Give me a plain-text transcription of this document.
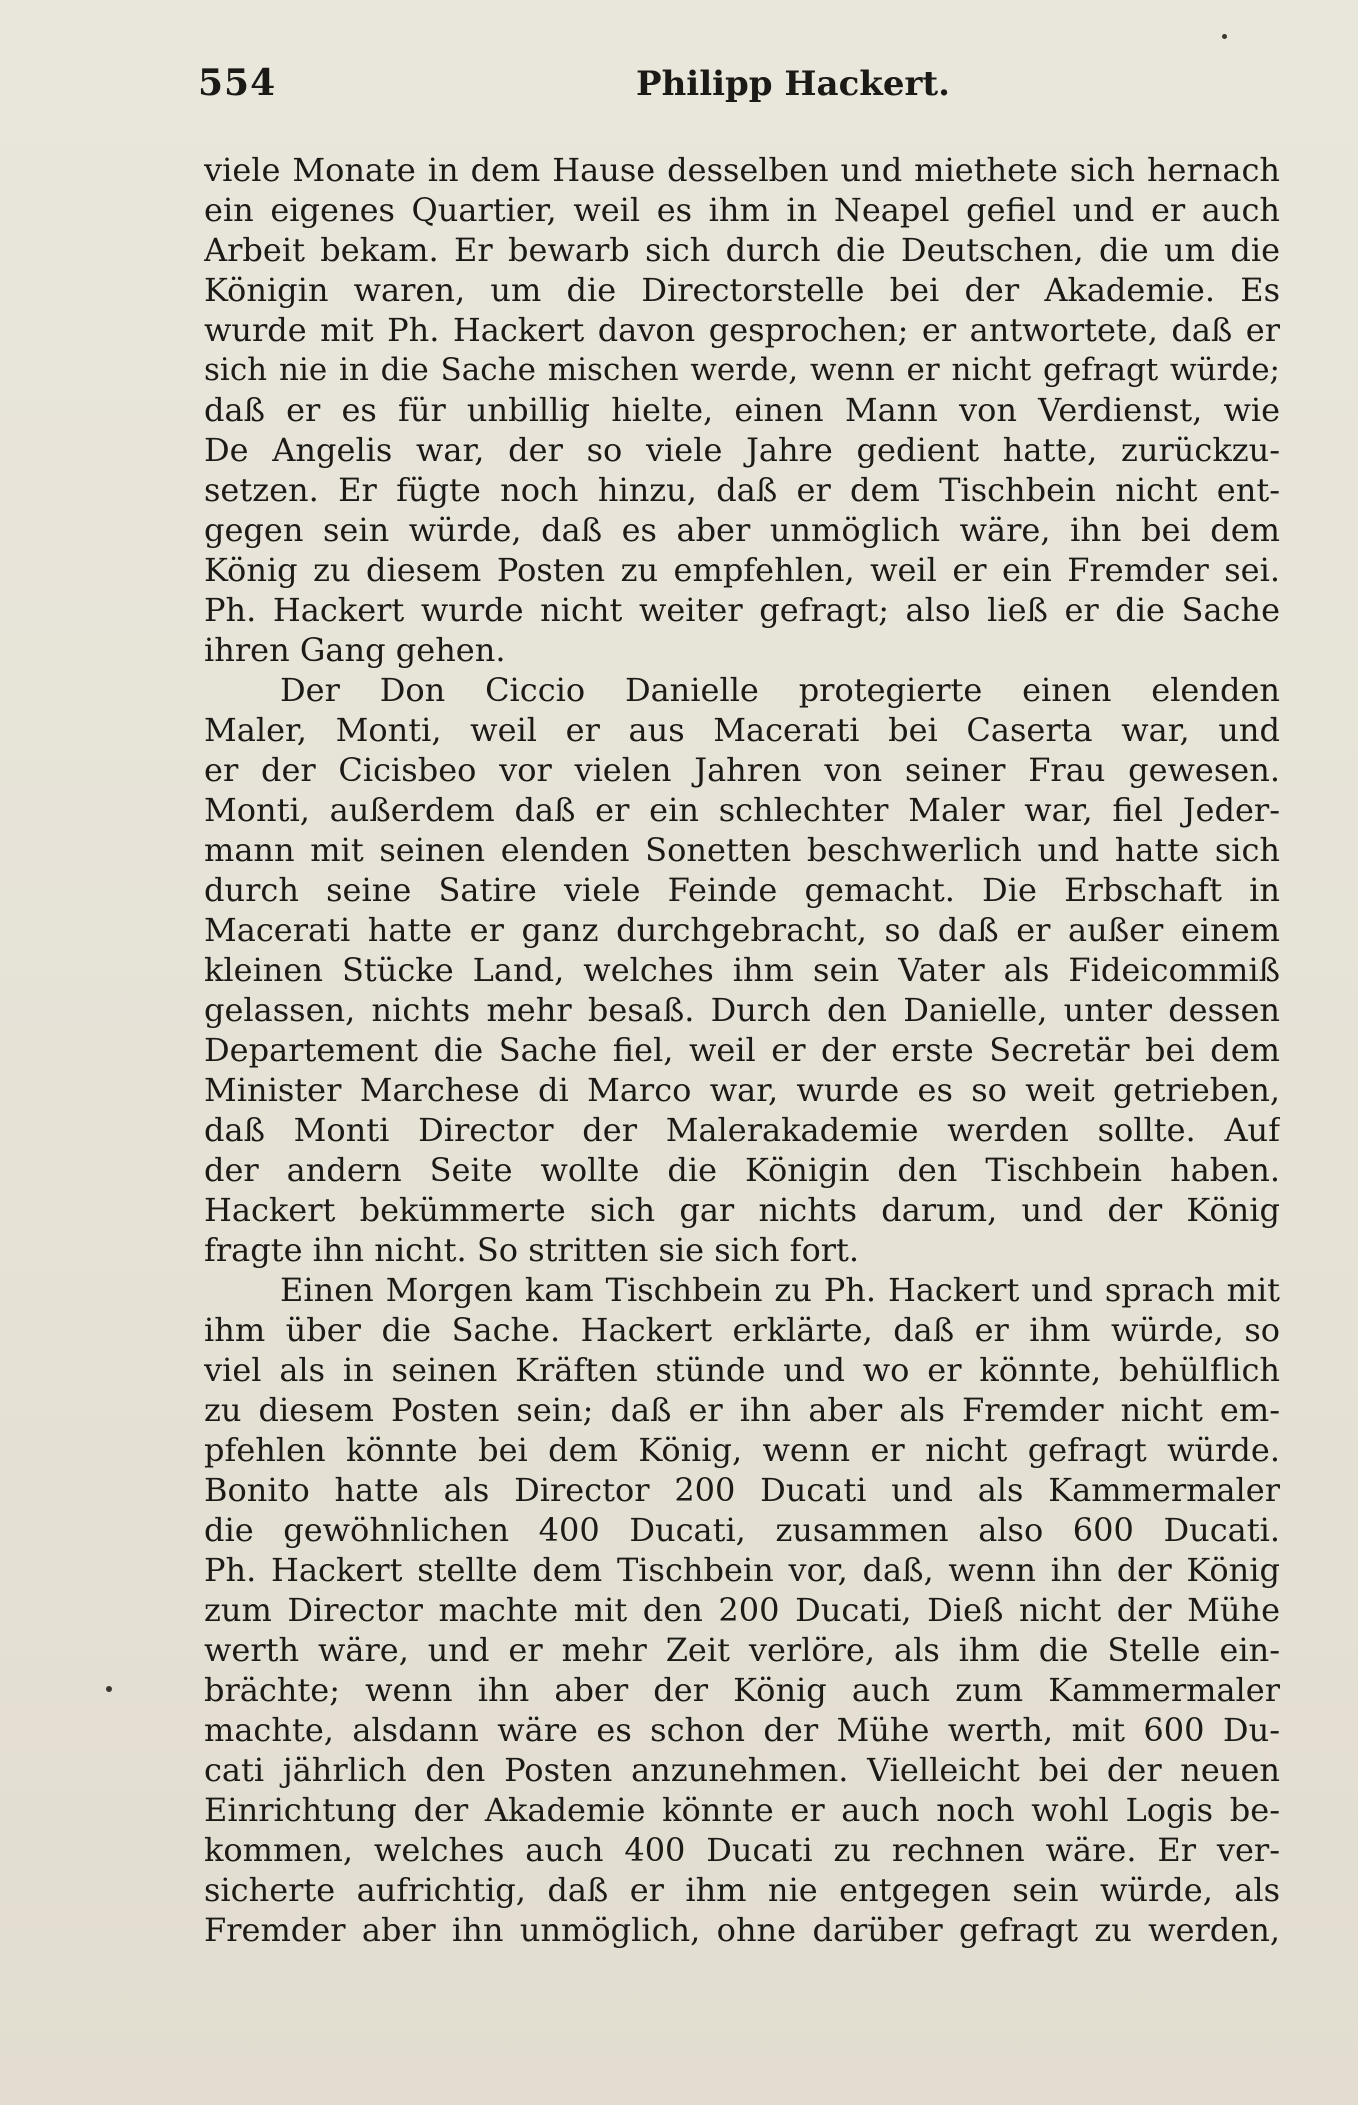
554	Philipp Hackert.
viele Monate in dem Hause desselben und miethete sich hernach
ein eigenes Quartier, weil es ihm in Neapel gefiel und er auch
Arbeit bekam. Er bewarb sich durch die Deutschen, die um die
Königin waren, um die Directorstelle bei der Akademie. Es
wurde mit Ph. Hackert davon gesprochen; er antwortete, daß er
sich nie in die Sache mischen werde, wenn er nicht gefragt würde;
daß er es für unbillig hielte, einen Mann von Verdienst, wie
De Angelis war, der so viele Jahre gedient hatte, zurückzu-
setzen. Er fügte noch hinzu, daß er dem Tischbein nicht ent-
gegen sein würde, daß es aber unmöglich wäre, ihn bei dem
König zu diesem Posten zu empfehlen, weil er ein Fremder sei.
Ph. Hackert wurde nicht weiter gefragt; also ließ er die Sache
ihren Gang gehen.
Der Don Ciccio Danielle protegierte einen elenden
Maler, Monti, weil er aus Macerati bei Caserta war, und
er der Cicisbeo vor vielen Jahren von seiner Frau gewesen.
Monti, außerdem daß er ein schlechter Maler war, fiel Jeder-
mann mit seinen elenden Sonetten beschwerlich und hatte sich
durch seine Satire viele Feinde gemacht. Die Erbschaft in
Macerati hatte er ganz durchgebracht, so daß er außer einem
kleinen Stücke Land, welches ihm sein Vater als Fideicommiß
gelassen, nichts mehr besaß. Durch den Danielle, unter dessen
Departement die Sache fiel, weil er der erste Secretär bei dem
Minister Marchese di Marco war, wurde es so weit getrieben,
daß Monti Director der Malerakademie werden sollte. Auf
der andern Seite wollte die Königin den Tischbein haben.
Hackert bekümmerte sich gar nichts darum, und der König
fragte ihn nicht. So stritten sie sich fort.
Einen Morgen kam Tischbein zu Ph. Hackert und sprach mit
ihm über die Sache. Hackert erklärte, daß er ihm würde, so
viel als in seinen Kräften stünde und wo er könnte, behülflich
zu diesem Posten sein; daß er ihn aber als Fremder nicht em-
pfehlen könnte bei dem König, wenn er nicht gefragt würde.
Bonito hatte als Director 200 Ducati und als Kammermaler
die gewöhnlichen 400 Ducati, zusammen also 600 Ducati.
Ph. Hackert stellte dem Tischbein vor, daß, wenn ihn der König
zum Director machte mit den 200 Ducati, Dieß nicht der Mühe
werth wäre, und er mehr Zeit verlöre, als ihm die Stelle ein-
brächte; wenn ihn aber der König auch zum Kammermaler
machte, alsdann wäre es schon der Mühe werth, mit 600 Du-
cati jährlich den Posten anzunehmen. Vielleicht bei der neuen
Einrichtung der Akademie könnte er auch noch wohl Logis be-
kommen, welches auch 400 Ducati zu rechnen wäre. Er ver-
sicherte aufrichtig, daß er ihm nie entgegen sein würde, als
Fremder aber ihn unmöglich, ohne darüber gefragt zu werden,
